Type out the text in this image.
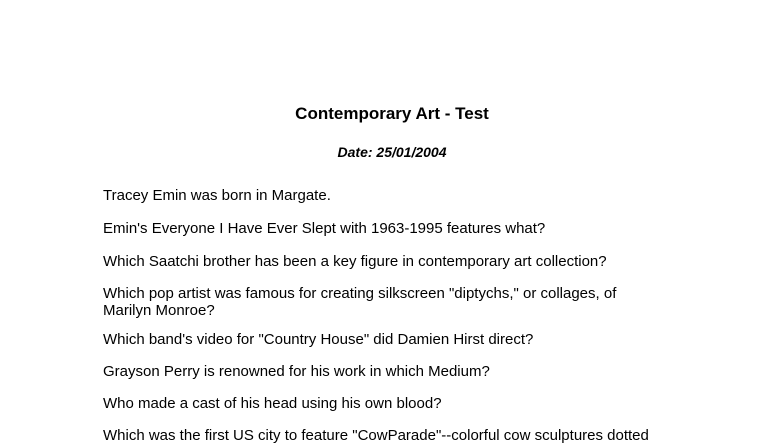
Contemporary Art - Test
Date: 25/01/2004
Tracey Emin was born in Margate.
Emin's Everyone I Have Ever Slept with 1963-1995 features what?
Which Saatchi brother has been a key figure in contemporary art collection?
Which pop artist was famous for creating silkscreen "diptychs," or collages, of Marilyn Monroe?
Which band's video for "Country House" did Damien Hirst direct?
Grayson Perry is renowned for his work in which Medium?
Who made a cast of his head using his own blood?
Which was the first US city to feature "CowParade"--colorful cow sculptures dotted
